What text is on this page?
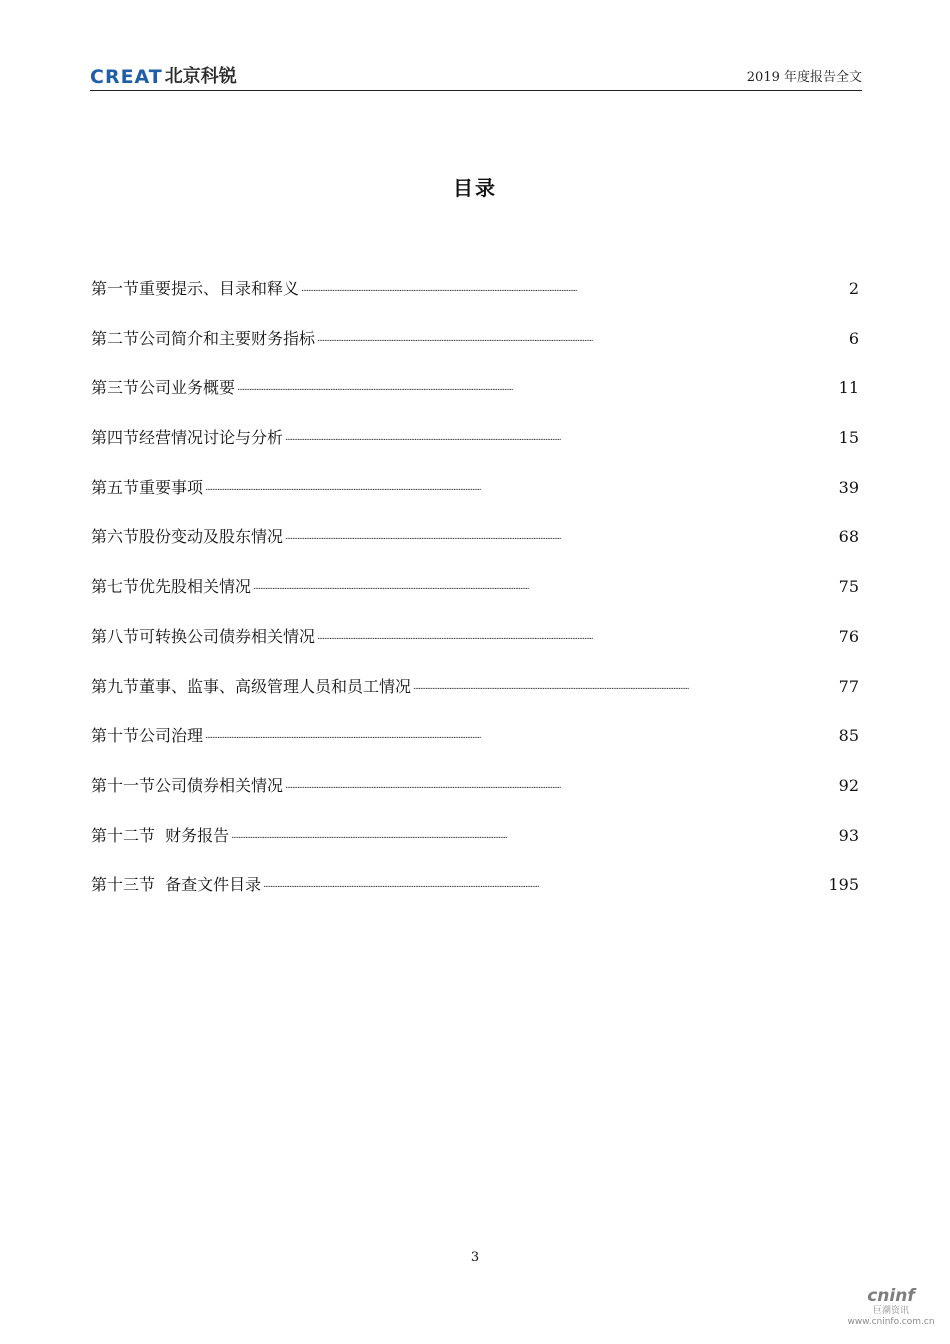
CREAT 北京科锐	2019 年度报告全文
目录
第一节重要提示、目录和释义 . . .	2
第二节公司简介和主要财务指标 . . .	6
第三节公司业务概要 . . .	11
第四节经营情况讨论与分析 . . .	15
第五节重要事项 . . .	39
第六节股份变动及股东情况 . . .	68
第七节优先股相关情况 . . .	75
第八节可转换公司债券相关情况 . . .	76
第九节董事、监事、高级管理人员和员工情况 . . .	77
第十节公司治理 . . .	85
第十一节公司债券相关情况 . . .	92
第十二节  财务报告 . . .	93
第十三节  备查文件目录 . . .	195
3
cninf
巨潮资讯
www.cninfo.com.cn
